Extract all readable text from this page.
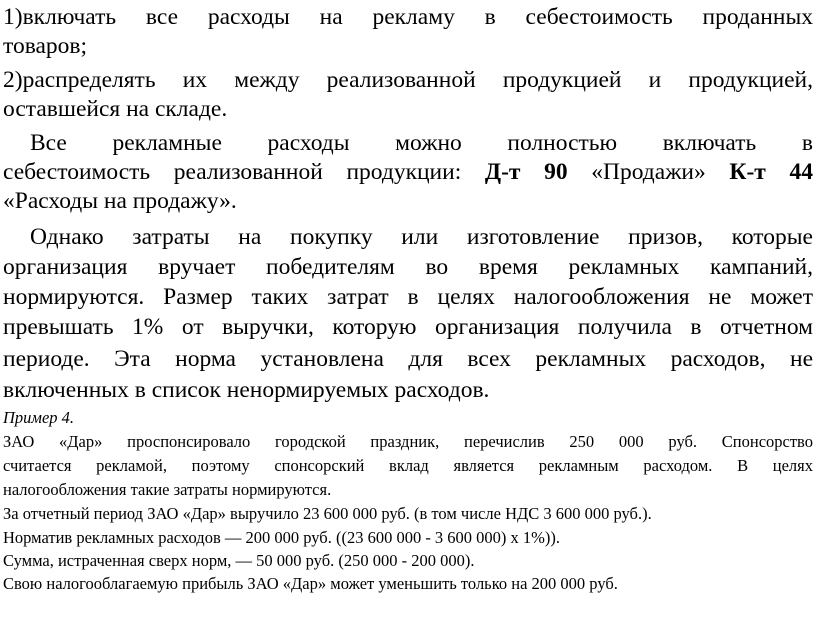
1)включать все расходы на рекламу в себестоимость проданных

товаров;

2)распределять их между реализованной продукцией и продукцией,

оставшейся на складе.

Все рекламные расходы можно полностью включать в

себестоимость реализованной продукции: Д-т 90 «Продажи» К-т 44

«Расходы на продажу».

Однако затраты на покупку или изготовление призов, которые

организация вручает победителям во время рекламных кампаний,

нормируются. Размер таких затрат в целях налогообложения не может

превышать 1% от выручки, которую организация получила в отчетном

периоде. Эта норма установлена для всех рекламных расходов, не

включенных в список ненормируемых расходов.

Пример 4.

ЗАО «Дар» проспонсировало городской праздник, перечислив 250 000 руб. Спонсорство

считается рекламой, поэтому спонсорский вклад является рекламным расходом. В целях

налогообложения такие затраты нормируются.

За отчетный период ЗАО «Дар» выручило 23 600 000 руб. (в том числе НДС 3 600 000 руб.).

Норматив рекламных расходов — 200 000 руб. ((23 600 000 - 3 600 000) х 1%)).

Сумма, истраченная сверх норм, — 50 000 руб. (250 000 - 200 000).

Свою налогооблагаемую прибыль ЗАО «Дар» может уменьшить только на 200 000 руб.
